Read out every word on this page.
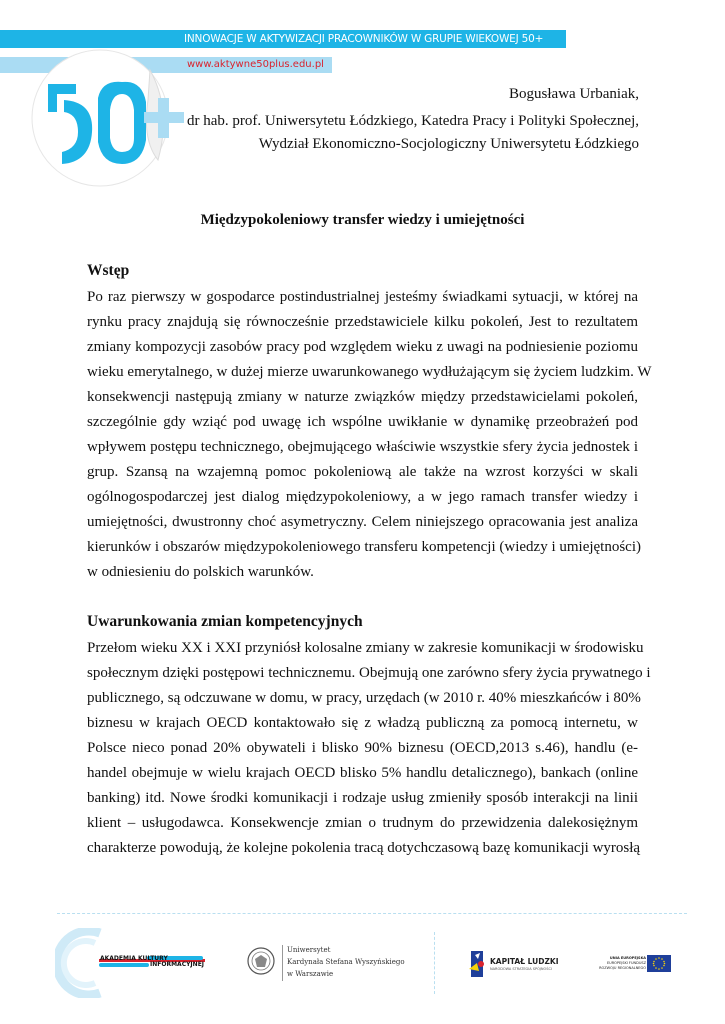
INNOWACJE W AKTYWIZACJI PRACOWNIKÓW W GRUPIE WIEKOWEJ 50+
www.aktywne50plus.edu.pl
Bogusława Urbaniak,
dr hab. prof. Uniwersytetu Łódzkiego, Katedra Pracy i Polityki Społecznej,
Wydział Ekonomiczno-Socjologiczny Uniwersytetu Łódzkiego
Międzypokoleniowy transfer wiedzy i umiejętności
Wstęp
Po raz pierwszy w gospodarce postindustrialnej jesteśmy świadkami sytuacji, w której na
rynku pracy znajdują się równocześnie przedstawiciele kilku pokoleń, Jest to rezultatem
zmiany kompozycji zasobów pracy pod względem wieku z uwagi na podniesienie poziomu
wieku emerytalnego, w dużej mierze uwarunkowanego wydłużającym się życiem ludzkim. W
konsekwencji następują zmiany w naturze związków między przedstawicielami pokoleń,
szczególnie gdy wziąć pod uwagę ich wspólne uwikłanie w dynamikę przeobrażeń pod
wpływem postępu technicznego, obejmującego właściwie wszystkie sfery życia jednostek i
grup. Szansą na wzajemną pomoc pokoleniową ale także na wzrost korzyści w skali
ogólnogospodarczej jest dialog międzypokoleniowy, a w jego ramach transfer wiedzy i
umiejętności, dwustronny choć asymetryczny. Celem niniejszego opracowania jest analiza
kierunków i obszarów międzypokoleniowego transferu kompetencji (wiedzy i umiejętności)
w odniesieniu do polskich warunków.
Uwarunkowania zmian kompetencyjnych
Przełom wieku XX i XXI przyniósł kolosalne zmiany w zakresie komunikacji w środowisku
społecznym dzięki postępowi technicznemu. Obejmują one zarówno sfery życia prywatnego i
publicznego, są odczuwane w domu, w pracy, urzędach (w 2010 r. 40% mieszkańców i 80%
biznesu w krajach OECD kontaktowało się z władzą publiczną za pomocą internetu, w
Polsce nieco ponad 20% obywateli i blisko 90% biznesu (OECD,2013 s.46), handlu (e-
handel obejmuje w wielu krajach OECD blisko 5% handlu detalicznego), bankach (online
banking) itd. Nowe środki komunikacji i rodzaje usług zmieniły sposób interakcji na linii
klient – usługodawca. Konsekwencje zmian o trudnym do przewidzenia dalekosiężnym
charakterze powodują, że kolejne pokolenia tracą dotychczasową bazę komunikacji wyrosłą
AKADEMIA KULTURY
INFORMACYJNEJ
Uniwersytet
Kardynała Stefana Wyszyńskiego
w Warszawie
KAPITAŁ LUDZKI
NARODOWA STRATEGIA SPÓJNOŚCI
UNIA EUROPEJSKA
EUROPEJSKI FUNDUSZ
ROZWOJU REGIONALNEGO
